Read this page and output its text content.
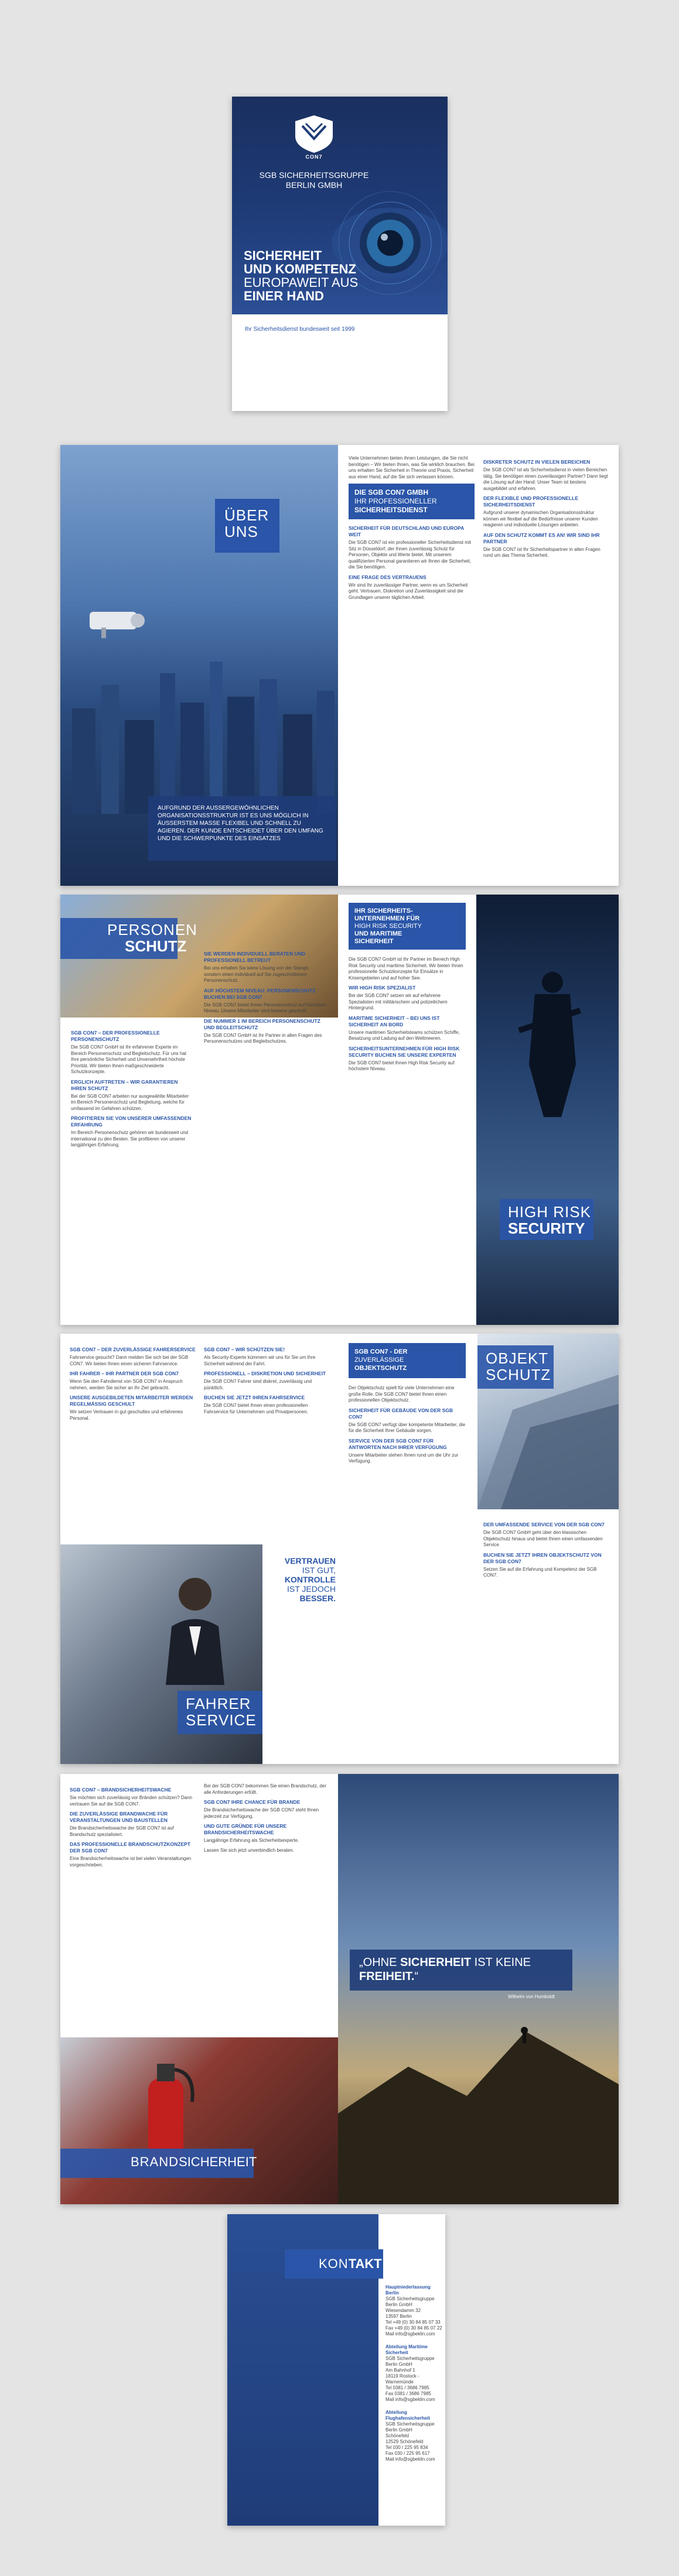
CON7
SGB SICHERHEITSGRUPPE
BERLIN GMBH
SICHERHEIT
UND KOMPETENZ
EUROPAWEIT AUS
EINER HAND
Ihr Sicherheitsdienst bundesweit seit 1999
ÜBER
UNS
AUFGRUND DER AUSSERGEWÖHNLICHEN ORGANISATIONSSTRUKTUR IST ES UNS MÖGLICH IN ÄUSSERSTEM MASSE FLEXIBEL UND SCHNELL ZU AGIEREN. DER KUNDE ENTSCHEIDET ÜBER DEN UMFANG UND DIE SCHWERPUNKTE DES EINSATZES

Viele Unternehmen bieten ihnen Leistungen, die Sie nicht benötigen – Wir bieten Ihnen, was Sie wirklich brauchen. Bei uns erhalten Sie Sicherheit in Theorie und Praxis, Sicherheit aus einer Hand, auf die Sie sich verlassen können.

DIE SGB CON7 GMBH
IHR PROFESSIONELLER
SICHERHEITSDIENST
SICHERHEIT FÜR DEUTSCHLAND UND EUROPA WEIT

Die SGB CON7 ist ein professioneller Sicherheitsdienst mit Sitz in Düsseldorf, der Ihnen zuverlässig Schutz für Personen, Objekte und Werte bietet. Mit unserem qualifizierten Personal garantieren wir Ihnen die Sicherheit, die Sie benötigen.

EINE FRAGE DES VERTRAUENS

Wir sind Ihr zuverlässiger Partner, wenn es um Sicherheit geht. Vertrauen, Diskretion und Zuverlässigkeit sind die Grundlagen unserer täglichen Arbeit.

DISKRETER SCHUTZ IN VIELEN BEREICHEN

Die SGB CON7 ist als Sicherheitsdienst in vielen Bereichen tätig. Sie benötigen einen zuverlässigen Partner? Dann liegt die Lösung auf der Hand: Unser Team ist bestens ausgebildet und erfahren.

DER FLEXIBLE UND PROFESSIONELLE SICHERHEITSDIENST

Aufgrund unserer dynamischen Organisationsstruktur können wir flexibel auf die Bedürfnisse unserer Kunden reagieren und individuelle Lösungen anbieten.

AUF DEN SCHUTZ KOMMT ES AN! WIR SIND IHR PARTNER

Die SGB CON7 ist Ihr Sicherheitspartner in allen Fragen rund um das Thema Sicherheit.

PERSONEN
SCHUTZ
SGB CON7 – DER PROFESSIONELLE PERSONENSCHUTZ

Die SGB CON7 GmbH ist Ihr erfahrener Experte im Bereich Personenschutz und Begleitschutz. Für uns hat Ihre persönliche Sicherheit und Unversehrtheit höchste Priorität. Wir bieten Ihnen maßgeschneiderte Schutzkonzepte.

ERGLICH AUFTRETEN – WIR GARANTIEREN IHREN SCHUTZ

Bei der SGB CON7 arbeiten nur ausgewählte Mitarbeiter im Bereich Personenschutz und Begleitung, welche für umfassend im Gefahren schützen.

PROFITIEREN SIE VON UNSERER UMFASSENDEN ERFAHRUNG

Im Bereich Personenschutz gehören wir bundesweit und international zu den Besten. Sie profitieren von unserer langjährigen Erfahrung.

SIE WERDEN INDIVIDUELL BERATEN UND PROFESSIONELL BETREUT

Bei uns erhalten Sie keine Lösung von der Stange, sondern einen individuell auf Sie zugeschnittenen Personenschutz.

AUF HÖCHSTEM NIVEAU: PERSONENSCHUTZ BUCHEN BEI SGB CON7

Die SGB CON7 bietet Ihnen Personenschutz auf höchstem Niveau. Unsere Mitarbeiter sind bestens geschult.

DIE NUMMER 1 IM BEREICH PERSONENSCHUTZ UND BEGLEITSCHUTZ

Die SGB CON7 GmbH ist Ihr Partner in allen Fragen des Personenschutzes und Begleitschutzes.

IHR SICHERHEITS-
UNTERNEHMEN FÜR
HIGH RISK SECURITY
UND MARITIME
SICHERHEIT

Die SGB CON7 GmbH ist Ihr Partner im Bereich High Risk Security und maritime Sicherheit. Wir bieten Ihnen professionelle Schutzkonzepte für Einsätze in Krisengebieten und auf hoher See.

WIR HIGH RISK SPEZIALIST

Bei der SGB CON7 setzen wir auf erfahrene Spezialisten mit militärischem und polizeilichem Hintergrund.

MARITIME SICHERHEIT – BEI UNS IST SICHERHEIT AN BORD

Unsere maritimen Sicherheitsteams schützen Schiffe, Besatzung und Ladung auf den Weltmeeren.

SICHERHEITSUNTERNEHMEN FÜR HIGH RISK SECURITY BUCHEN SIE UNSERE EXPERTEN

Die SGB CON7 bietet Ihnen High Risk Security auf höchstem Niveau.

HIGH RISK
SECURITY
SGB CON7 – DER ZUVERLÄSSIGE FAHRERSERVICE

Fahrservice gesucht? Dann melden Sie sich bei der SGB CON7. Wir bieten Ihnen einen sicheren Fahrservice.

IHR FAHRER – IHR PARTNER DER SGB CON7

Wenn Sie den Fahrdienst von SGB CON7 in Anspruch nehmen, werden Sie sicher an Ihr Ziel gebracht.

UNSERE AUSGEBILDETEN MITARBEITER WERDEN REGELMÄSSIG GESCHULT

Wir setzen Vertrauen in gut geschultes und erfahrenes Personal.

SGB CON7 – WIR SCHÜTZEN SIE!

Als Security-Experte kümmern wir uns für Sie um Ihre Sicherheit während der Fahrt.

PROFESSIONELL – DISKRETION UND SICHERHEIT

Die SGB CON7 Fahrer sind diskret, zuverlässig und pünktlich.

BUCHEN SIE JETZT IHREN FAHRSERVICE

Die SGB CON7 bietet Ihnen einen professionellen Fahrservice für Unternehmen und Privatpersonen.

VERTRAUEN
IST GUT,
KONTROLLE
IST JEDOCH
BESSER.
FAHRER
SERVICE
SGB CON7 - DER
ZUVERLÄSSIGE
OBJEKTSCHUTZ
OBJEKT
SCHUTZ

Der Objektschutz spielt für viele Unternehmen eine große Rolle. Die SGB CON7 bietet Ihnen einen professionellen Objektschutz.

SICHERHEIT FÜR GEBÄUDE VON DER SGB CON7

Die SGB CON7 verfügt über kompetente Mitarbeiter, die für die Sicherheit Ihrer Gebäude sorgen.

SERVICE VON DER SGB CON7 FÜR ANTWORTEN NACH IHRER VERFÜGUNG

Unsere Mitarbeiter stehen Ihnen rund um die Uhr zur Verfügung.

DER UMFASSENDE SERVICE VON DER SGB CON7

Die SGB CON7 GmbH geht über den klassischen Objektschutz hinaus und bietet Ihnen einen umfassenden Service.

BUCHEN SIE JETZT IHREN OBJEKTSCHUTZ VON DER SGB CON7

Setzen Sie auf die Erfahrung und Kompetenz der SGB CON7.

SGB CON7 – BRANDSICHERHEITSWACHE

Sie möchten sich zuverlässig vor Bränden schützen? Dann vertrauen Sie auf die SGB CON7.

DIE ZUVERLÄSSIGE BRANDWACHE FÜR VERANSTALTUNGEN UND BAUSTELLEN

Die Brandsicherheitswache der SGB CON7 ist auf Brandschutz spezialisiert.

DAS PROFESSIONELLE BRANDSCHUTZKONZEPT DER SGB CON7

Eine Brandsicherheitswache ist bei vielen Veranstaltungen vorgeschrieben.

Bei der SGB CON7 bekommen Sie einen Brandschutz, der alle Anforderungen erfüllt.

SGB CON7 IHRE CHANCE FÜR BRANDE

Die Brandsicherheitswache der SGB CON7 steht Ihnen jederzeit zur Verfügung.

UND GUTE GRÜNDE FÜR UNSERE BRANDSICHERHEITSWACHE

Langjährige Erfahrung als Sicherheitsexperte.

Lassen Sie sich jetzt unverbindlich beraten.

BRANDSICHERHEIT
„OHNE SICHERHEIT IST KEINE FREIHEIT.“
Wilhelm von Humboldt
KONTAKT
Hauptniederlassung Berlin
SGB Sicherheitsgruppe
Berlin GmbH
Wiesendamm 32
13597 Berlin
Tel +49 (0) 30 84 85 07 33
Fax +49 (0) 30 84 85 07 22
Mail info@sgbeklin.com
Abteilung Maritime Sicherheit
SGB Sicherheitsgruppe
Berlin GmbH
Am Bahnhof 1
18119 Rostock - Warnemünde
Tel 0381 / 3686 7985
Fax 0381 / 3686 7985
Mail info@sgbeklin.com
Abteilung Flughafensicherheit
SGB Sicherheitsgruppe
Berlin GmbH
Schönefeld
12529 Schönefeld
Tel 030 / 225 95 834
Fax 030 / 225 95 617
Mail info@sgbeklin.com
